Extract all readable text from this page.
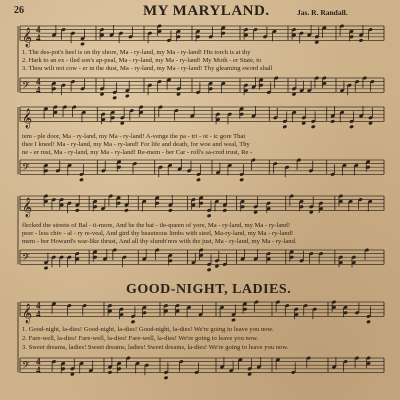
26	MY MARYLAND.	Jas. R. Randall.
𝄞 4
4
𝄢 4
4
𝄞
𝄢
𝄞
𝄢
𝄞 4
4
𝄢 4
4
1. The des-pot's heel is on thy shore, Ma - ry-land, my Ma - ry-land! His torch is at thy
2. Hark to an ex - iled son's ap-peal, Ma - ry-land, my Ma - ry-land! My Moth - er State, to
3. Thou wilt not cow - er in the dust, Ma - ry-land, my Ma - ry-land! Thy gleaming sword shall
tem - ple door, Ma - ry-land, my Ma - ry-land! A-venge the pa - tri - ot - ic gore That
thee I kneel! Ma - ry-land, my Ma - ry-land! For life and death, for woe and weal, Thy
ne - er rust, Ma - ry-land, my Ma - ry-land! Re-mem - ber Car - roll's sa-cred trust, Re -
flecked the streets of Bal - ti-more, And be the bat - tle-queen of yore, Ma - ry-land, my Ma - ry-land!
peer - less chiv - al - ry re-veal, And gird thy beauteous limbs with steel, Ma-ry-land, my Ma - ry-land!
mem - ber Howard's war-like thrust, And all thy slumb'rers with the just, Ma - ry-land, my Ma - ry-land.
GOOD-NIGHT, LADIES.
1. Good-night, la-dies! Good-night, la-dies! Good-night, la-dies! We're going to leave you now.
2. Fare-well, la-dies! Fare-well, la-dies! Fare-well, la-dies! We're going to leave you now.
3. Sweet dreams, ladies! Sweet dreams, ladies! Sweet dreams, la-dies! We're going to leave you now.
